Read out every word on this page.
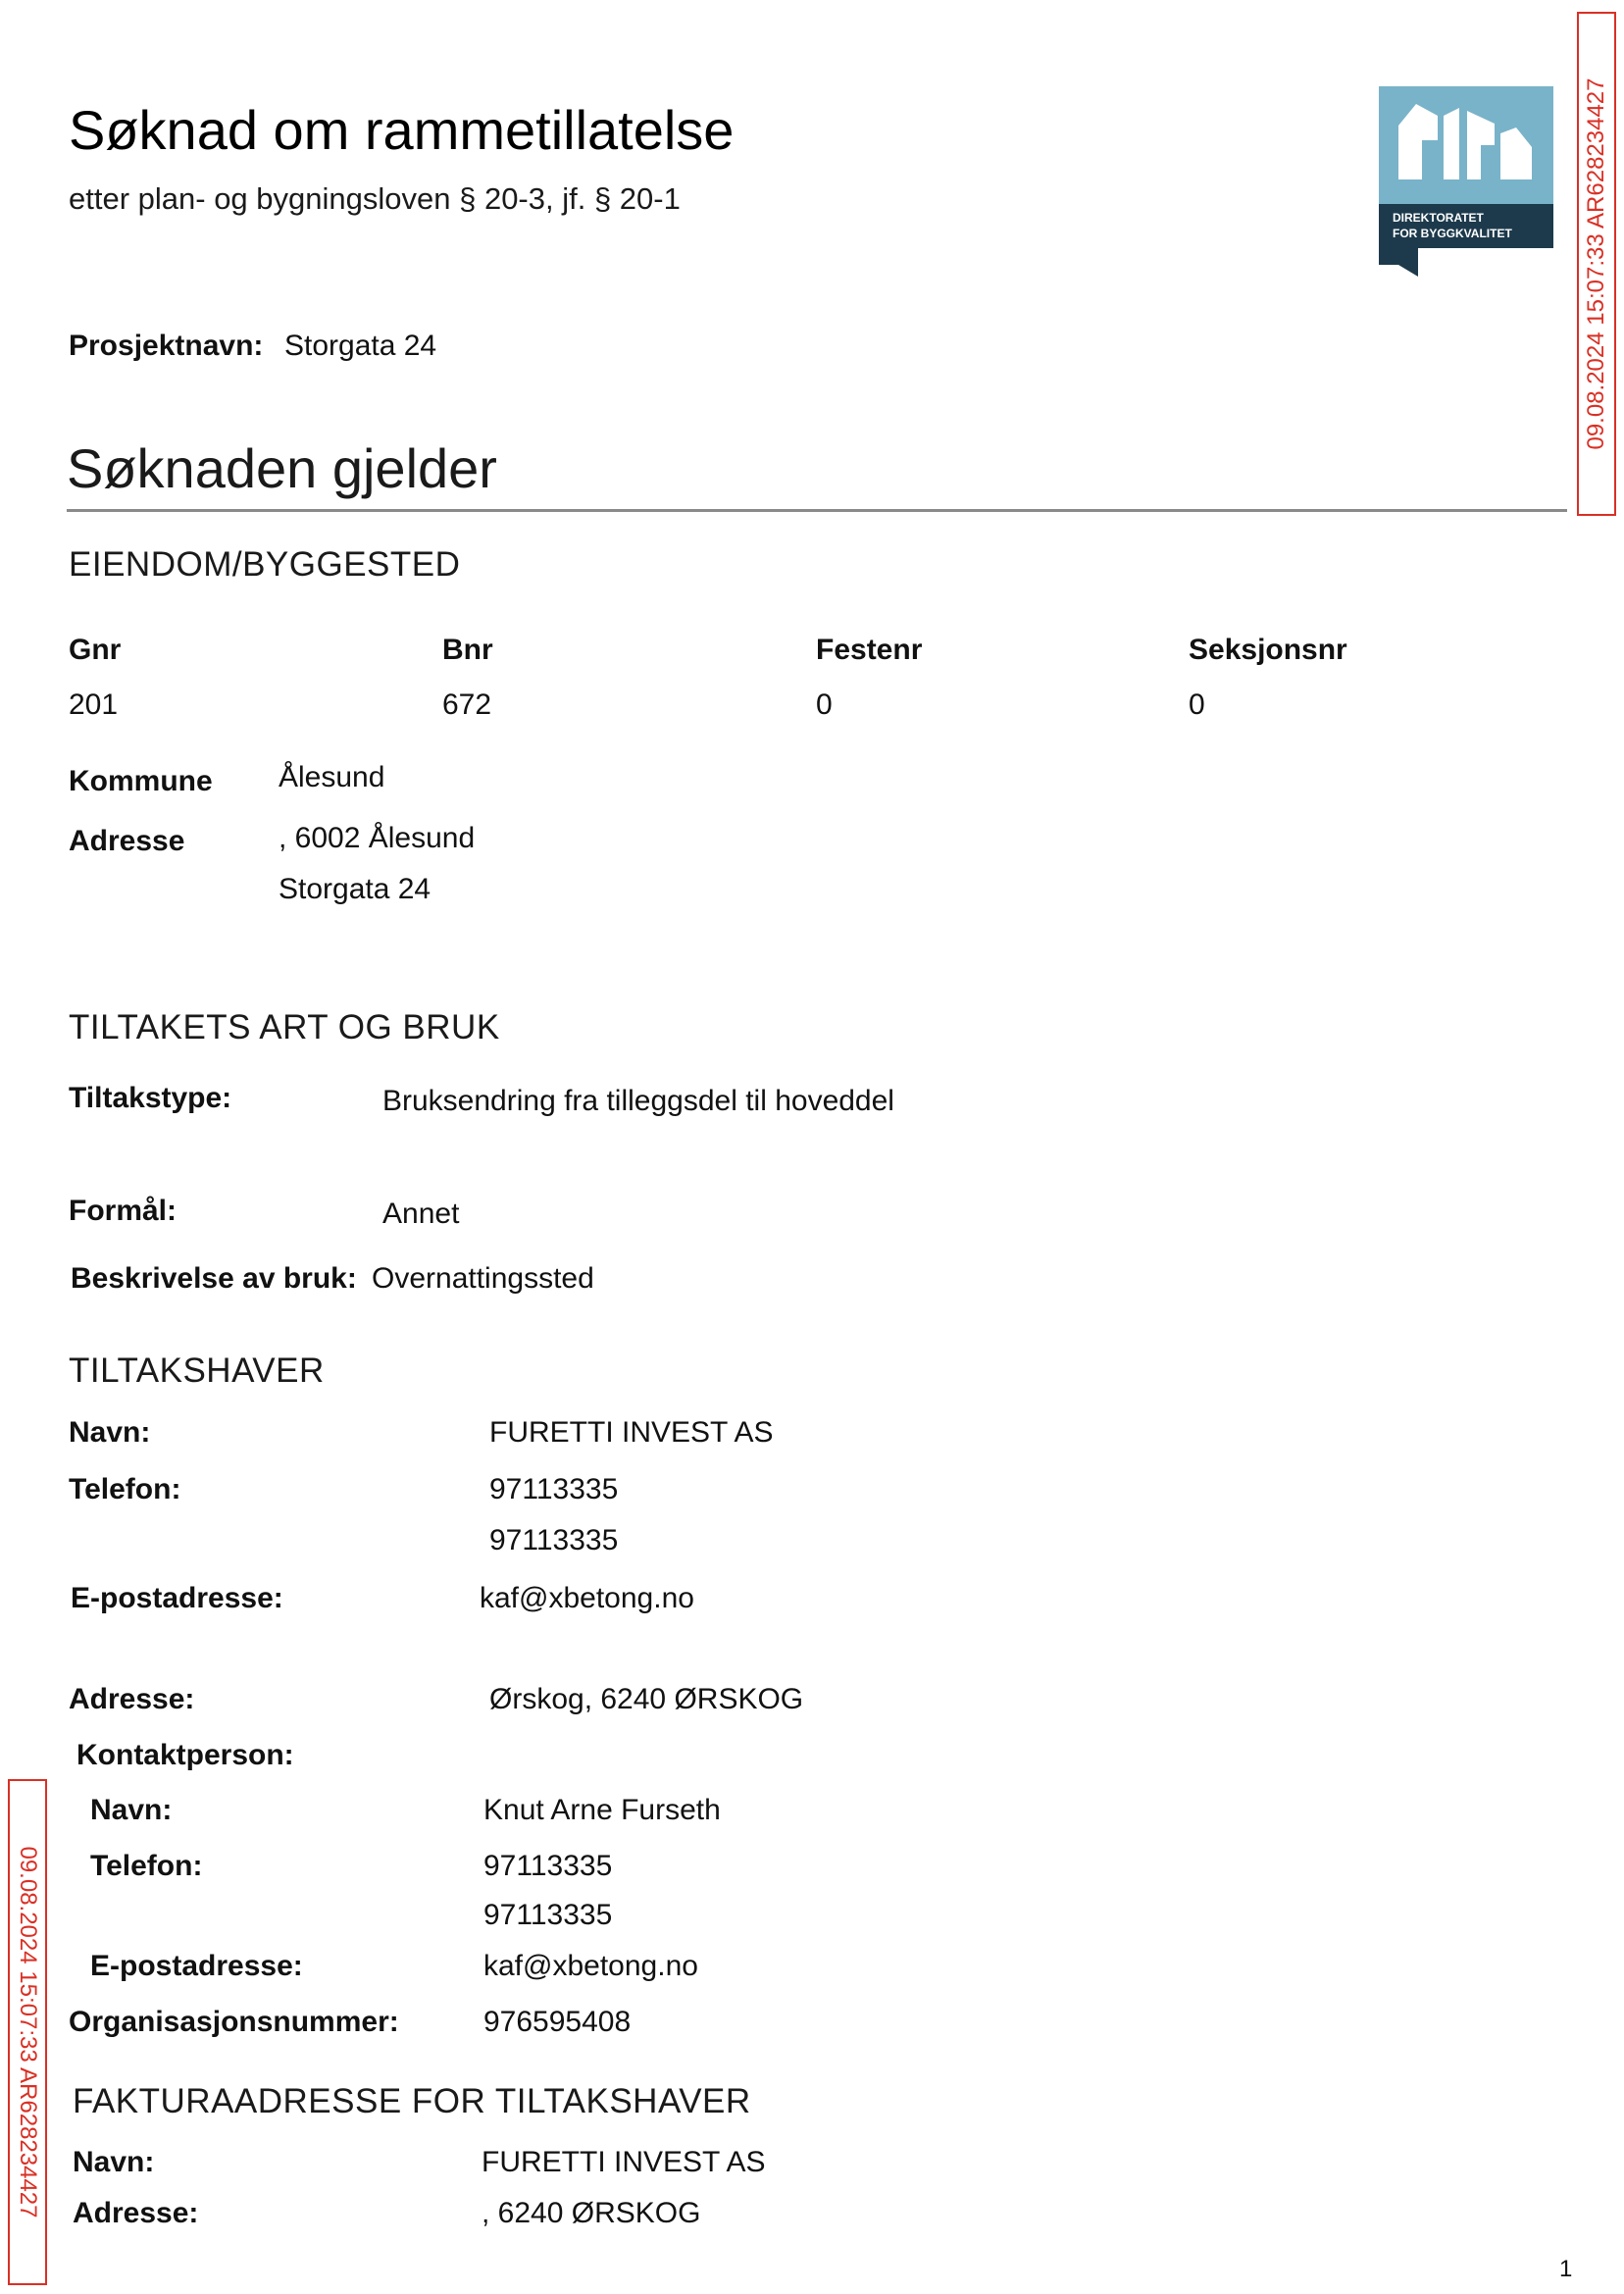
Søknad om rammetillatelse
etter plan- og bygningsloven § 20-3, jf. § 20-1
DIREKTORATET
FOR BYGGKVALITET	09.08.2024 15:07:33 AR628234427
09.08.2024 15:07:33 AR628234427
Prosjektnavn: Storgata 24
Søknaden gjelder
EIENDOM/BYGGESTED
Gnr	Bnr	Festenr	Seksjonsnr
201	672	0	0
Kommune Ålesund
Adresse	, 6002 Ålesund
Storgata 24
TILTAKETS ART OG BRUK
Tiltakstype:	Bruksendring fra tilleggsdel til hoveddel
Formål:	Annet
Beskrivelse av bruk: Overnattingssted
TILTAKSHAVER
Navn:	FURETTI INVEST AS
Telefon:	97113335
97113335
E-postadresse:	kaf@xbetong.no
Adresse:	Ørskog, 6240 ØRSKOG
Kontaktperson:
Navn:	Knut Arne Furseth
Telefon:	97113335
97113335
E-postadresse:	kaf@xbetong.no
Organisasjonsnummer:	976595408
FAKTURAADRESSE FOR TILTAKSHAVER
Navn:	FURETTI INVEST AS
Adresse:	, 6240 ØRSKOG
1
